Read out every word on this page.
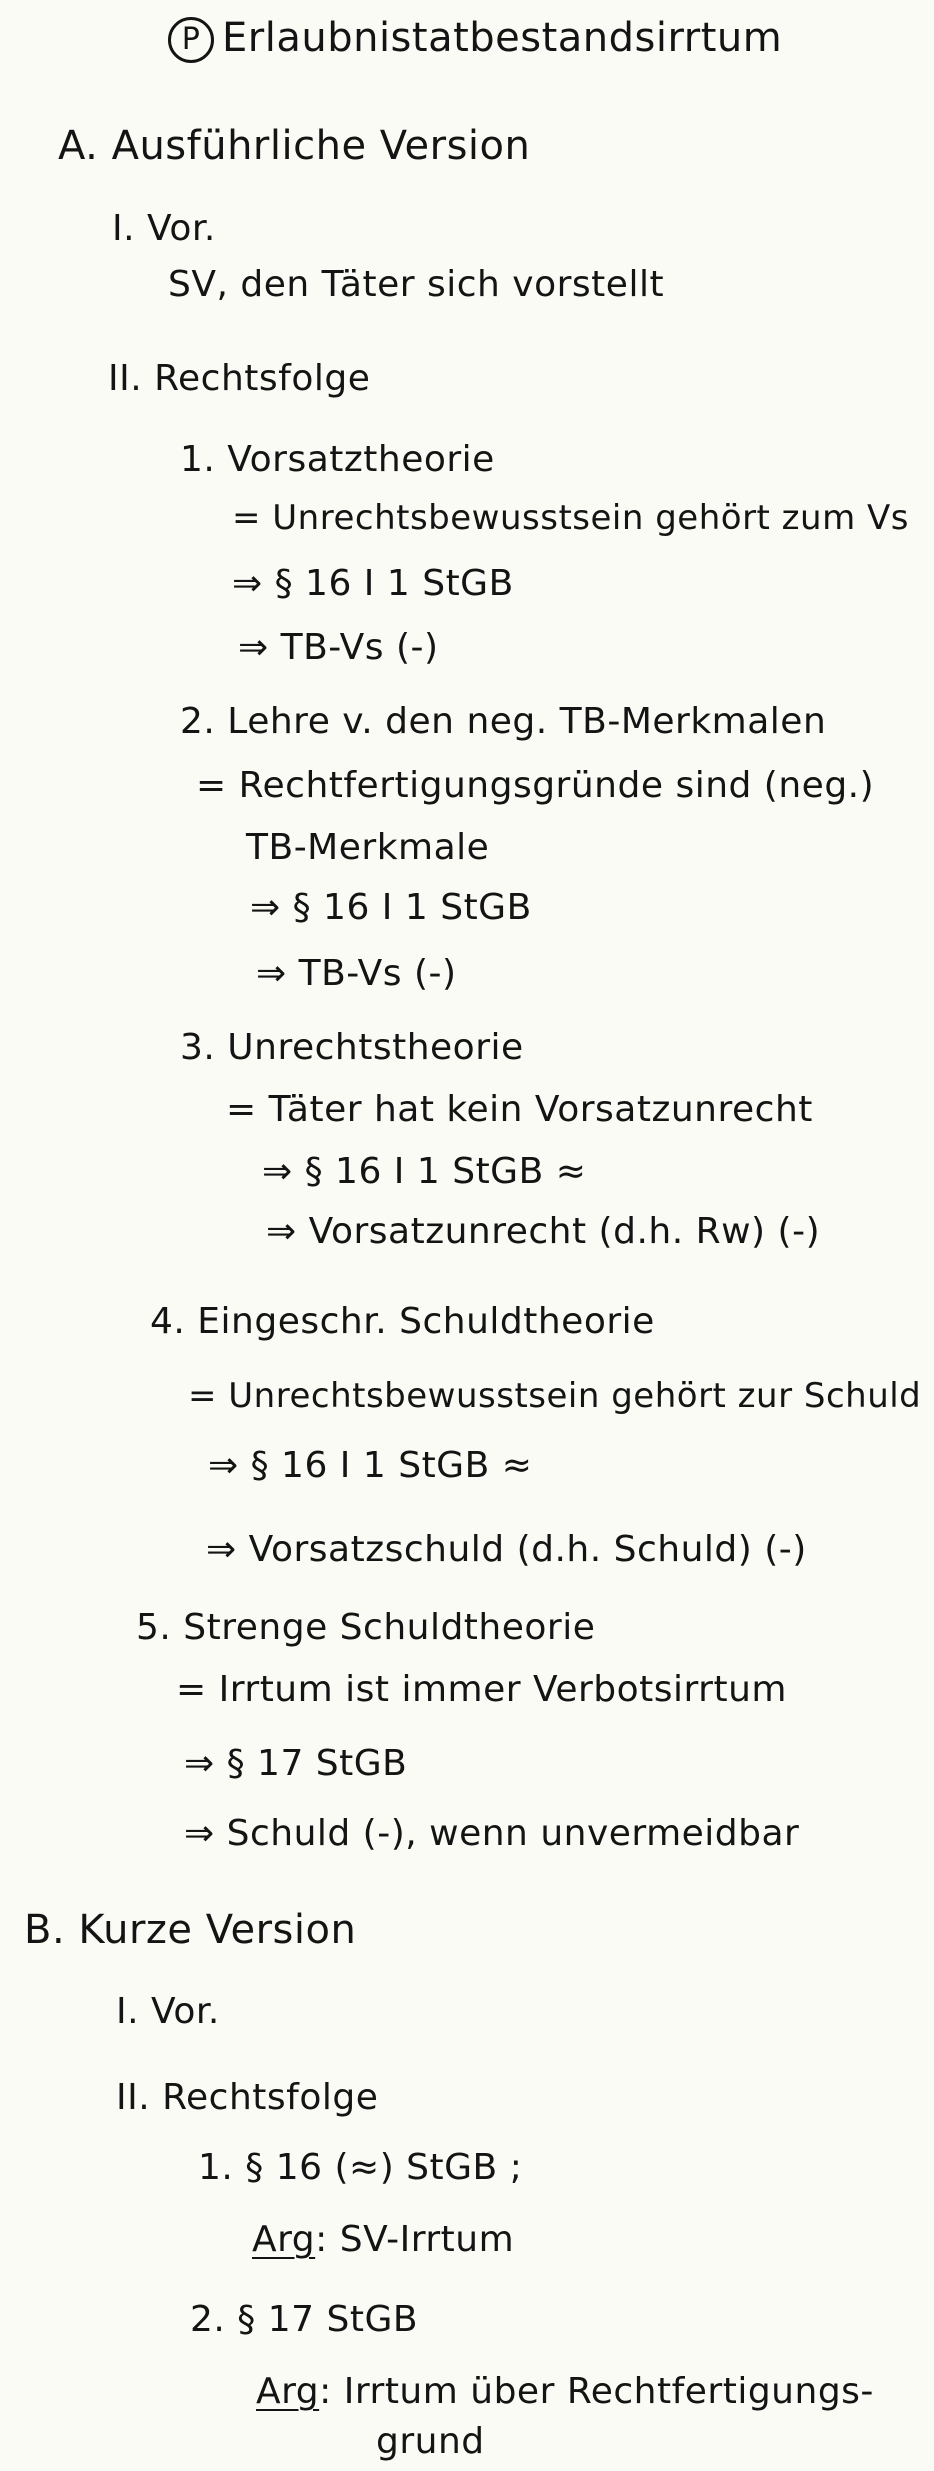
P Erlaubnistatbestandsirrtum
A. Ausführliche Version
I. Vor.
SV, den Täter sich vorstellt
II. Rechtsfolge
1. Vorsatztheorie
= Unrechtsbewusstsein gehört zum Vs
⇒ § 16 I 1 StGB
⇒ TB-Vs (-)
2. Lehre v. den neg. TB-Merkmalen
= Rechtfertigungsgründe sind (neg.)
TB-Merkmale
⇒ § 16 I 1 StGB
⇒ TB-Vs (-)
3. Unrechtstheorie
= Täter hat kein Vorsatzunrecht
⇒ § 16 I 1 StGB ≈
⇒ Vorsatzunrecht (d.h. Rw) (-)
4. Eingeschr. Schuldtheorie
= Unrechtsbewusstsein gehört zur Schuld
⇒ § 16 I 1 StGB ≈
⇒ Vorsatzschuld (d.h. Schuld) (-)
5. Strenge Schuldtheorie
= Irrtum ist immer Verbotsirrtum
⇒ § 17 StGB
⇒ Schuld (-), wenn unvermeidbar
B. Kurze Version
I. Vor.
II. Rechtsfolge
1. § 16 (≈) StGB ;
Arg: SV-Irrtum
2. § 17 StGB
Arg: Irrtum über Rechtfertigungs-
grund
